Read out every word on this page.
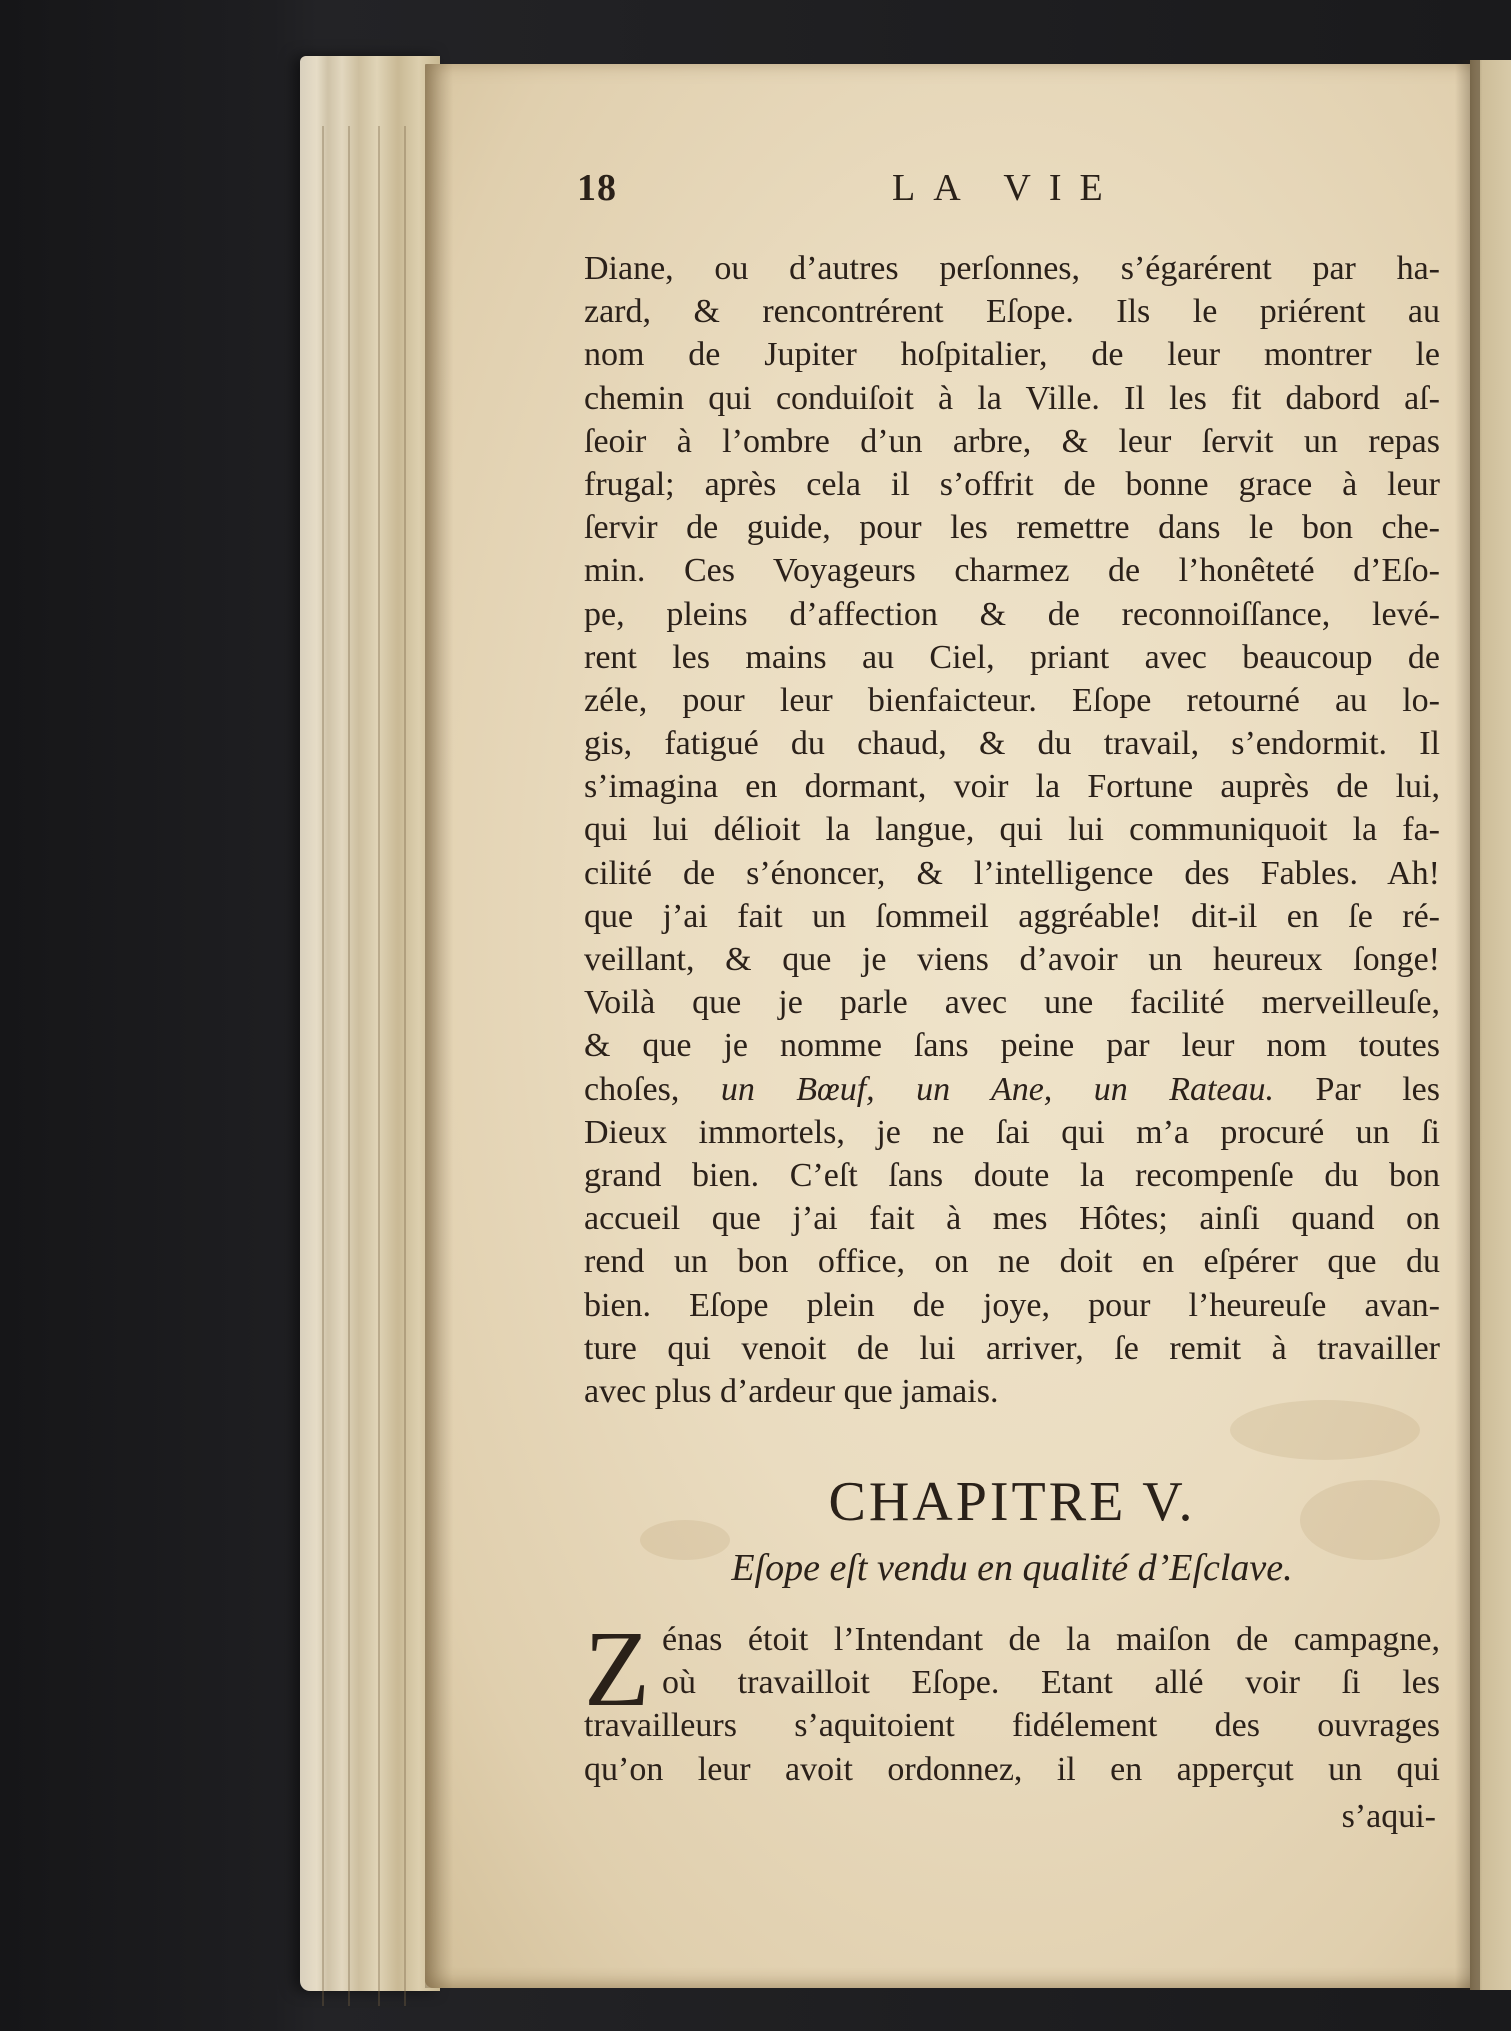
18	LA VIE
Diane, ou d’autres perſonnes, s’égarérent par ha-
zard, & rencontrérent Eſope. Ils le priérent au
nom de Jupiter hoſpitalier, de leur montrer le
chemin qui conduiſoit à la Ville. Il les fit dabord aſ-
ſeoir à l’ombre d’un arbre, & leur ſervit un repas
frugal; après cela il s’offrit de bonne grace à leur
ſervir de guide, pour les remettre dans le bon che-
min. Ces Voyageurs charmez de l’honêteté d’Eſo-
pe, pleins d’affection & de reconnoiſſance, levé-
rent les mains au Ciel, priant avec beaucoup de
zéle, pour leur bienfaicteur. Eſope retourné au lo-
gis, fatigué du chaud, & du travail, s’endormit. Il
s’imagina en dormant, voir la Fortune auprès de lui,
qui lui délioit la langue, qui lui communiquoit la fa-
cilité de s’énoncer, & l’intelligence des Fables. Ah!
que j’ai fait un ſommeil aggréable! dit-il en ſe ré-
veillant, & que je viens d’avoir un heureux ſonge!
Voilà que je parle avec une facilité merveilleuſe,
& que je nomme ſans peine par leur nom toutes
choſes, un Bœuf, un Ane, un Rateau. Par les
Dieux immortels, je ne ſai qui m’a procuré un ſi
grand bien. C’eſt ſans doute la recompenſe du bon
accueil que j’ai fait à mes Hôtes; ainſi quand on
rend un bon office, on ne doit en eſpérer que du
bien. Eſope plein de joye, pour l’heureuſe avan-
ture qui venoit de lui arriver, ſe remit à travailler
avec plus d’ardeur que jamais.
CHAPITRE V.
Eſope eſt vendu en qualité d’Eſclave.
Z énas étoit l’Intendant de la maiſon de campagne,
où travailloit Eſope. Etant allé voir ſi les
travailleurs s’aquitoient fidélement des ouvrages
qu’on leur avoit ordonnez, il en apperçut un qui
s’aqui-
